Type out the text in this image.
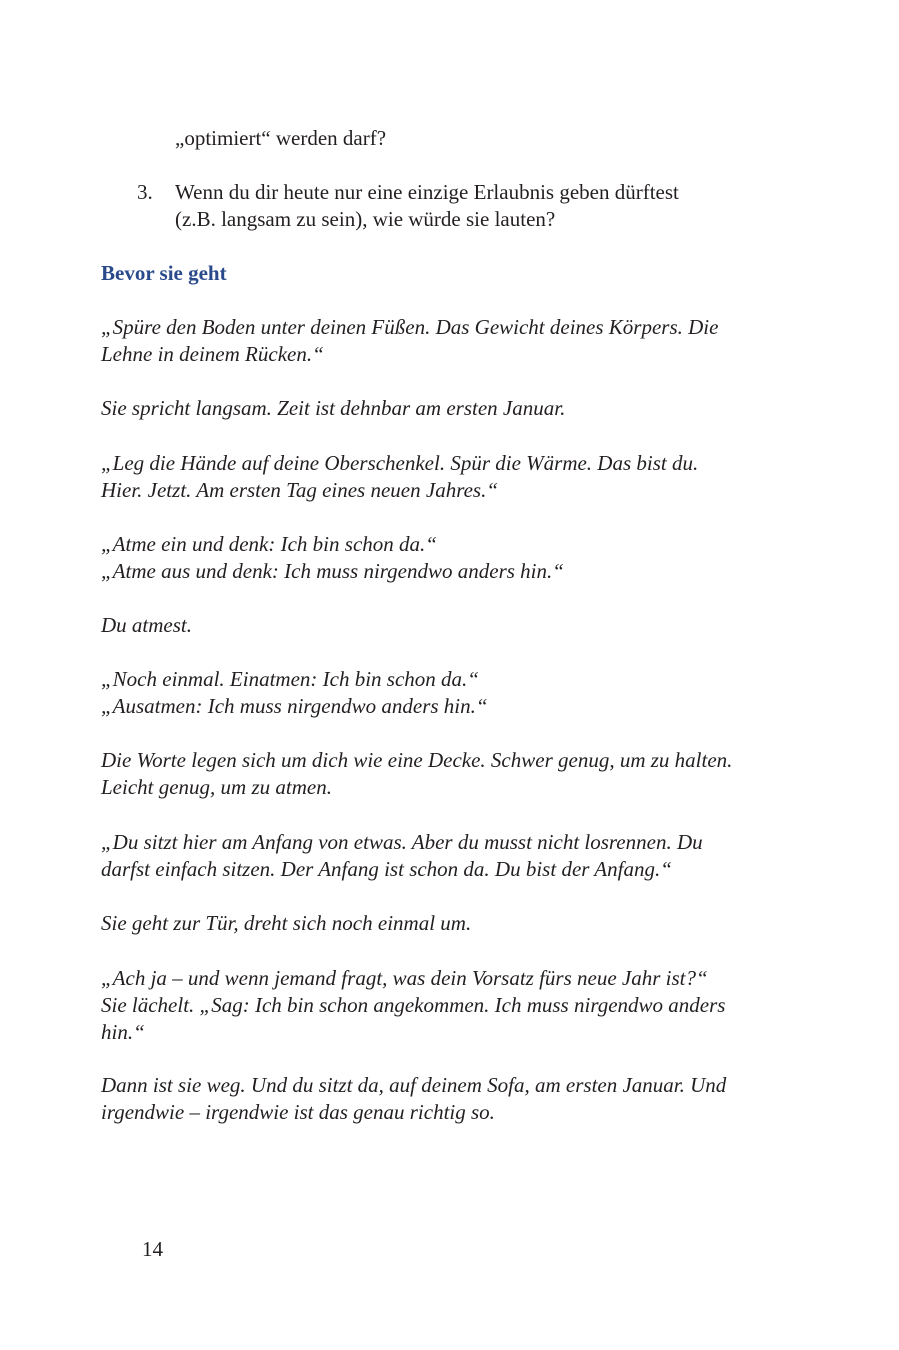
„optimiert“ werden darf?

3.	Wenn du dir heute nur eine einzige Erlaubnis geben dürftest
(z.B. langsam zu sein), wie würde sie lauten?
Bevor sie geht

„Spüre den Boden unter deinen Füßen. Das Gewicht deines Körpers. Die
Lehne in deinem Rücken.“

Sie spricht langsam. Zeit ist dehnbar am ersten Januar.

„Leg die Hände auf deine Oberschenkel. Spür die Wärme. Das bist du.
Hier. Jetzt. Am ersten Tag eines neuen Jahres.“

„Atme ein und denk: Ich bin schon da.“
„Atme aus und denk: Ich muss nirgendwo anders hin.“

Du atmest.

„Noch einmal. Einatmen: Ich bin schon da.“
„Ausatmen: Ich muss nirgendwo anders hin.“

Die Worte legen sich um dich wie eine Decke. Schwer genug, um zu halten.
Leicht genug, um zu atmen.

„Du sitzt hier am Anfang von etwas. Aber du musst nicht losrennen. Du
darfst einfach sitzen. Der Anfang ist schon da. Du bist der Anfang.“

Sie geht zur Tür, dreht sich noch einmal um.

„Ach ja – und wenn jemand fragt, was dein Vorsatz fürs neue Jahr ist?“
Sie lächelt. „Sag: Ich bin schon angekommen. Ich muss nirgendwo anders
hin.“

Dann ist sie weg. Und du sitzt da, auf deinem Sofa, am ersten Januar. Und
irgendwie – irgendwie ist das genau richtig so.

14
